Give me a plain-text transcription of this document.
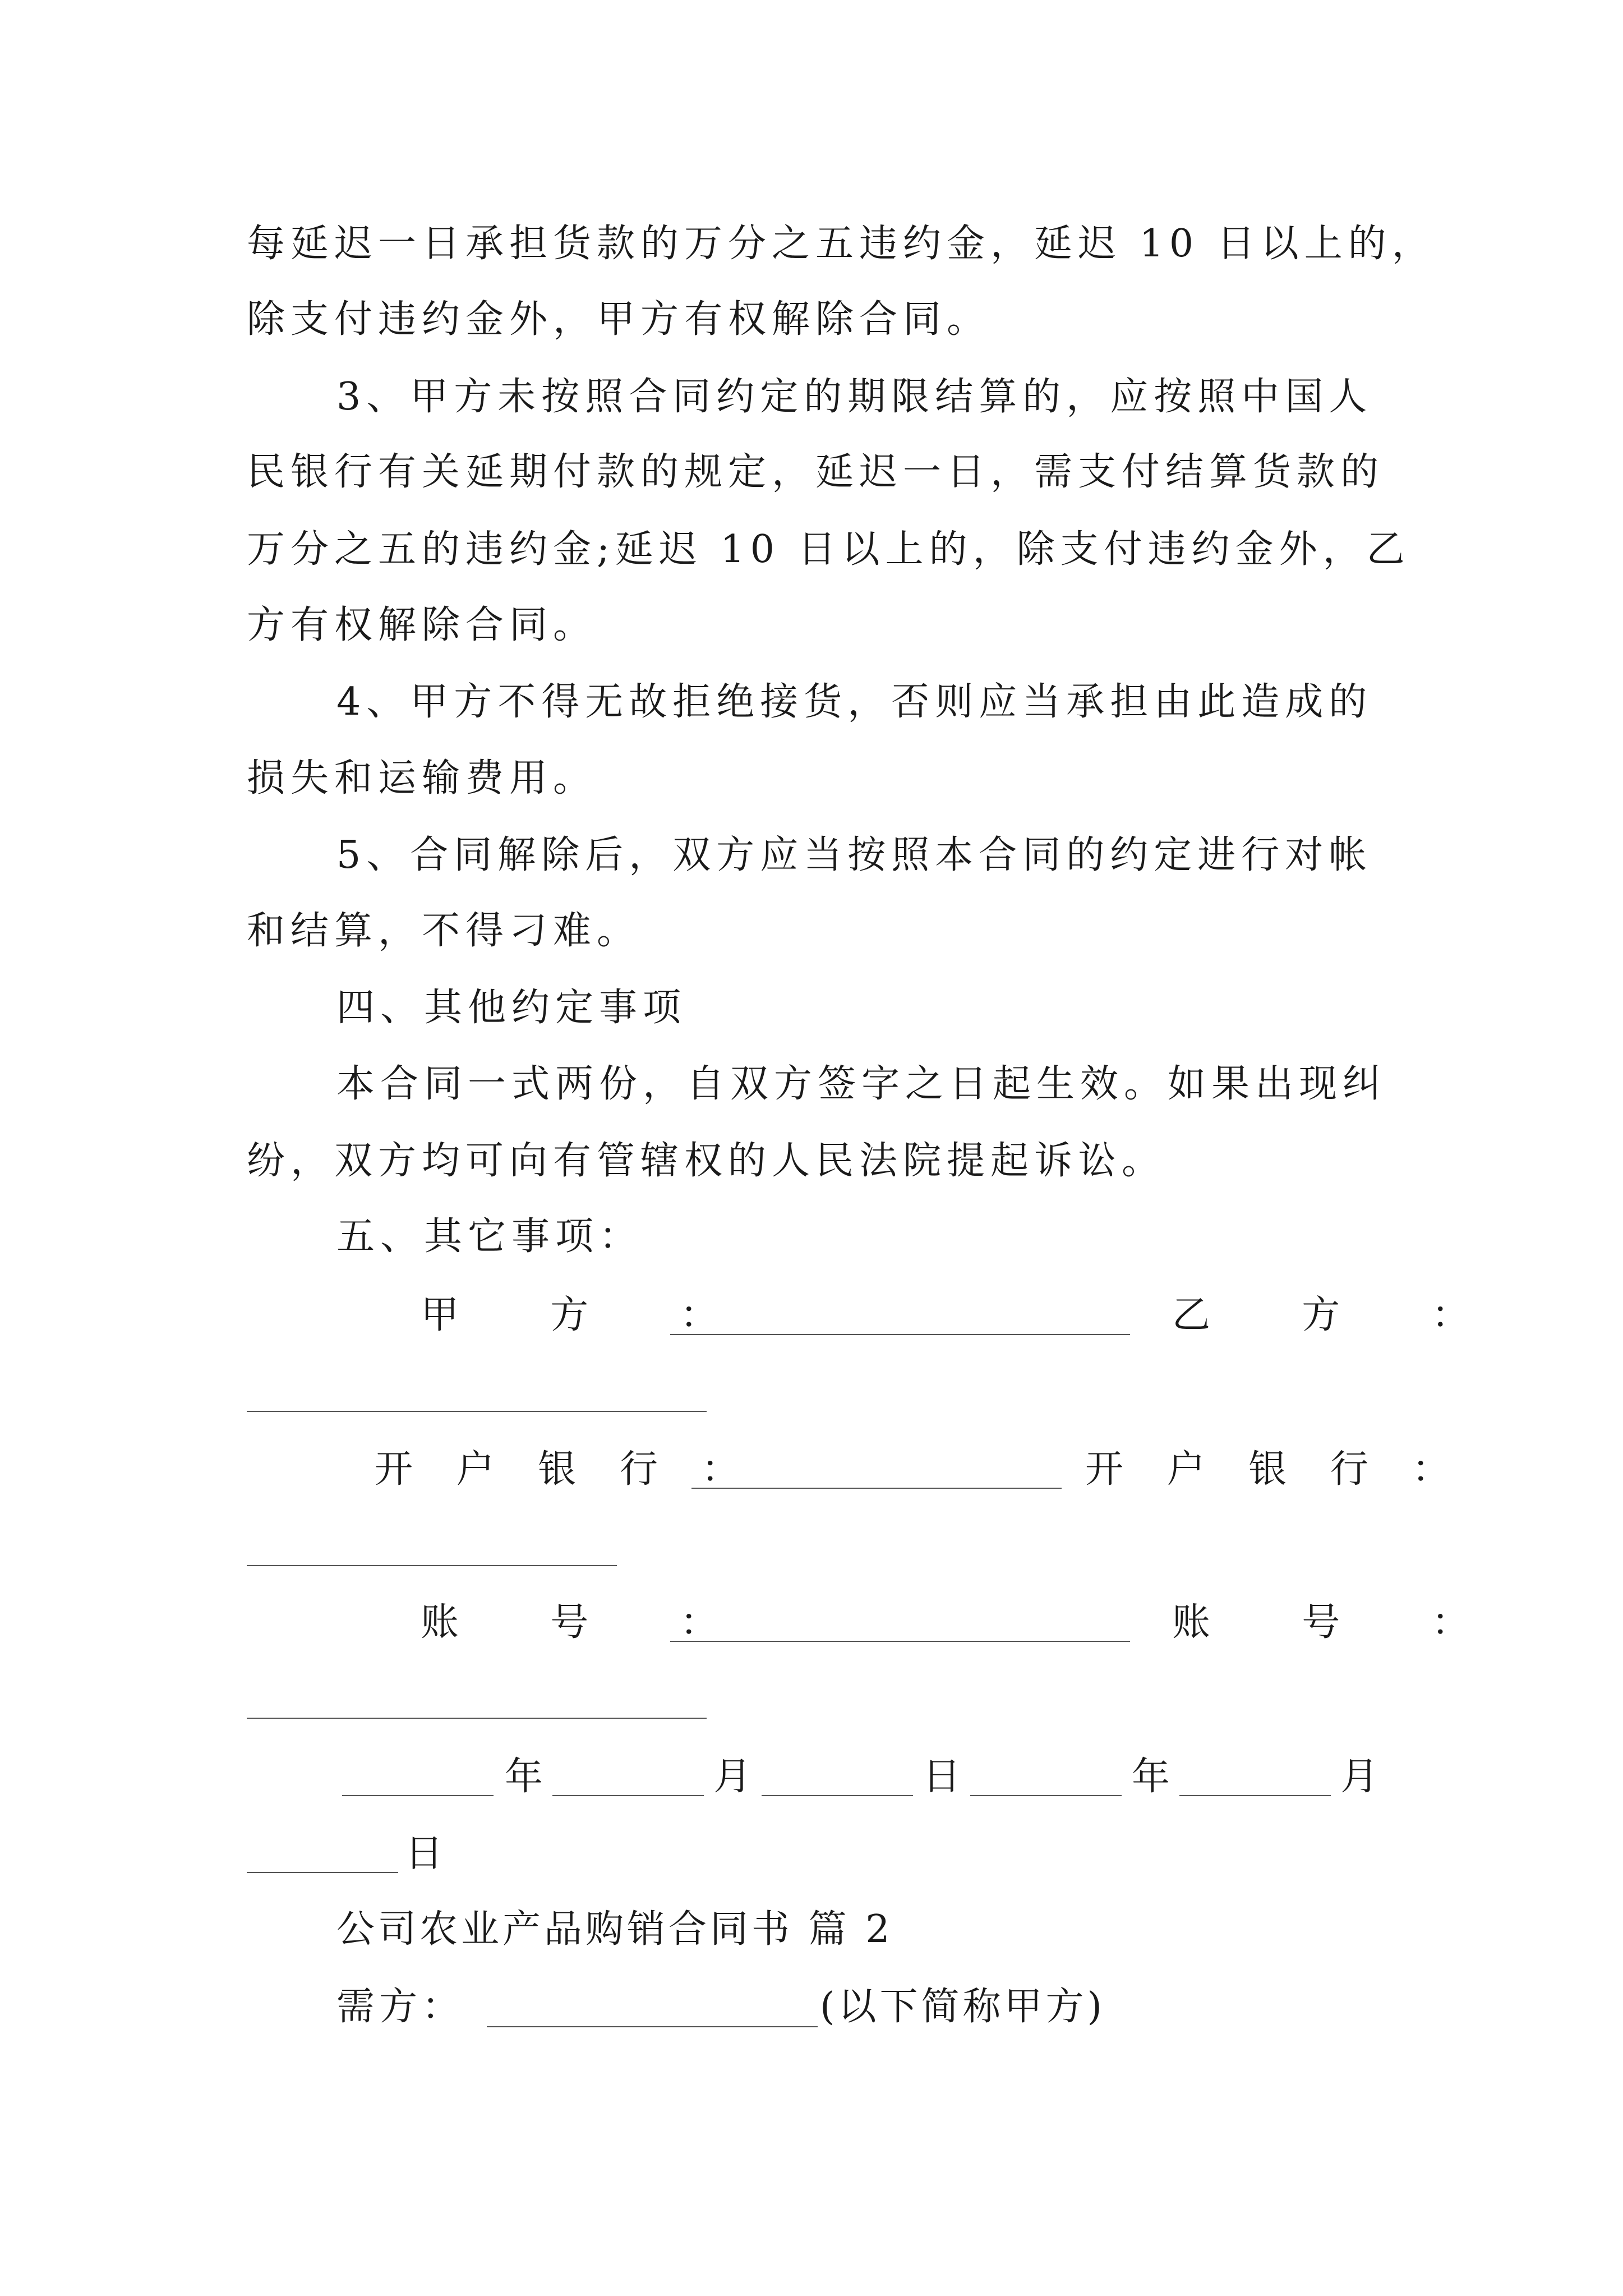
每延迟一日承担货款的万分之五违约金，延迟 10 日以上的，
除支付违约金外，甲方有权解除合同。
3、甲方未按照合同约定的期限结算的，应按照中国人
民银行有关延期付款的规定，延迟一日，需支付结算货款的
万分之五的违约金;延迟 10 日以上的，除支付违约金外，乙
方有权解除合同。
4、甲方不得无故拒绝接货，否则应当承担由此造成的
损失和运输费用。
5、合同解除后，双方应当按照本合同的约定进行对帐
和结算，不得刁难。
四、其他约定事项
本合同一式两份，自双方签字之日起生效。如果出现纠
纷，双方均可向有管辖权的人民法院提起诉讼。
五、其它事项：
甲  方  ：	乙  方  ：
开 户 银 行 ：	开 户 银 行 ：
账  号  ：	账  号  ：
年	月	日	年	月
日
公司农业产品购销合同书 篇 2
需方：	(以下简称甲方)
